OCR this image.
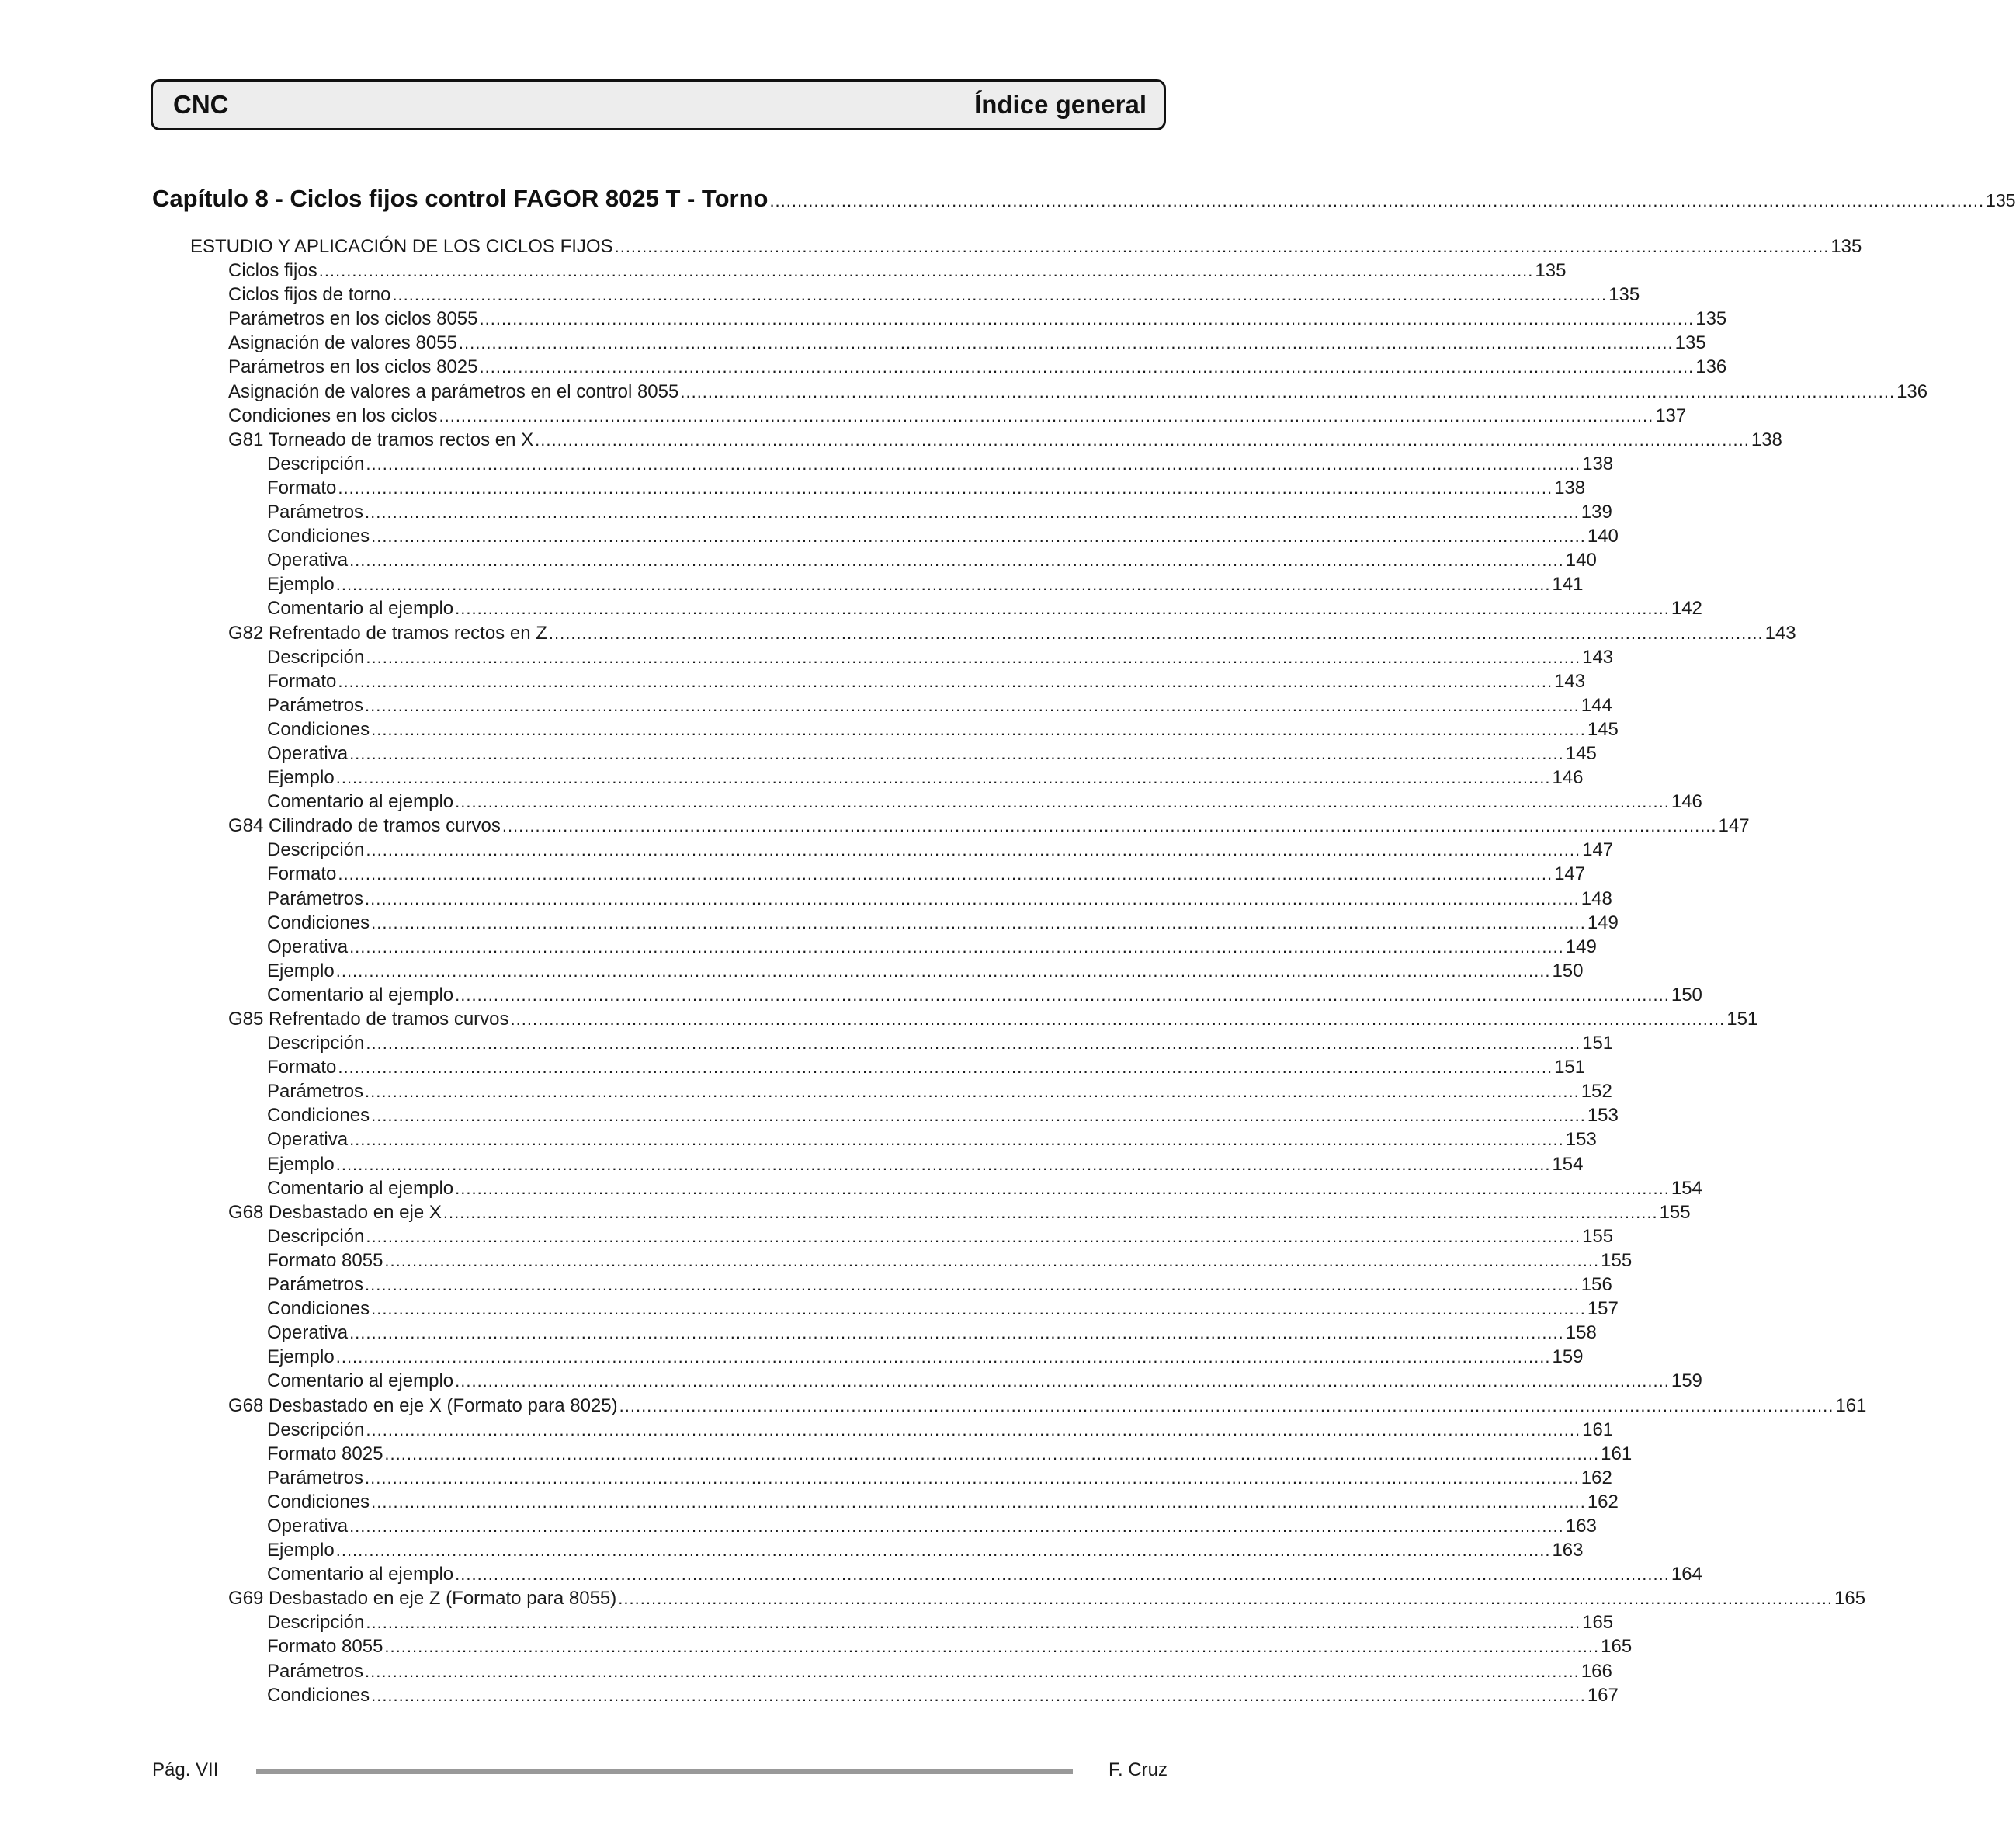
CNC	Índice general
Capítulo 8 - Ciclos fijos control FAGOR 8025 T - Torno ............................................................................................................................................................................................................................ 135
ESTUDIO Y APLICACIÓN DE LOS CICLOS FIJOS ............................................................................................................................................................................................................................ 135
Ciclos fijos ............................................................................................................................................................................................................................ 135
Ciclos fijos de torno ............................................................................................................................................................................................................................ 135
Parámetros en los ciclos 8055 ............................................................................................................................................................................................................................ 135
Asignación de valores 8055 ............................................................................................................................................................................................................................ 135
Parámetros en los ciclos 8025 ............................................................................................................................................................................................................................ 136
Asignación de valores a parámetros en el control 8055 ............................................................................................................................................................................................................................ 136
Condiciones en los ciclos ............................................................................................................................................................................................................................ 137
G81 Torneado de tramos rectos en X ............................................................................................................................................................................................................................ 138
Descripción ............................................................................................................................................................................................................................ 138
Formato ............................................................................................................................................................................................................................ 138
Parámetros ............................................................................................................................................................................................................................ 139
Condiciones ............................................................................................................................................................................................................................ 140
Operativa ............................................................................................................................................................................................................................ 140
Ejemplo ............................................................................................................................................................................................................................ 141
Comentario al ejemplo ............................................................................................................................................................................................................................ 142
G82 Refrentado de tramos rectos en Z ............................................................................................................................................................................................................................ 143
Descripción ............................................................................................................................................................................................................................ 143
Formato ............................................................................................................................................................................................................................ 143
Parámetros ............................................................................................................................................................................................................................ 144
Condiciones ............................................................................................................................................................................................................................ 145
Operativa ............................................................................................................................................................................................................................ 145
Ejemplo ............................................................................................................................................................................................................................ 146
Comentario al ejemplo ............................................................................................................................................................................................................................ 146
G84 Cilindrado de tramos curvos ............................................................................................................................................................................................................................ 147
Descripción ............................................................................................................................................................................................................................ 147
Formato ............................................................................................................................................................................................................................ 147
Parámetros ............................................................................................................................................................................................................................ 148
Condiciones ............................................................................................................................................................................................................................ 149
Operativa ............................................................................................................................................................................................................................ 149
Ejemplo ............................................................................................................................................................................................................................ 150
Comentario al ejemplo ............................................................................................................................................................................................................................ 150
G85 Refrentado de tramos curvos ............................................................................................................................................................................................................................ 151
Descripción ............................................................................................................................................................................................................................ 151
Formato ............................................................................................................................................................................................................................ 151
Parámetros ............................................................................................................................................................................................................................ 152
Condiciones ............................................................................................................................................................................................................................ 153
Operativa ............................................................................................................................................................................................................................ 153
Ejemplo ............................................................................................................................................................................................................................ 154
Comentario al ejemplo ............................................................................................................................................................................................................................ 154
G68 Desbastado en eje X ............................................................................................................................................................................................................................ 155
Descripción ............................................................................................................................................................................................................................ 155
Formato 8055 ............................................................................................................................................................................................................................ 155
Parámetros ............................................................................................................................................................................................................................ 156
Condiciones ............................................................................................................................................................................................................................ 157
Operativa ............................................................................................................................................................................................................................ 158
Ejemplo ............................................................................................................................................................................................................................ 159
Comentario al ejemplo ............................................................................................................................................................................................................................ 159
G68 Desbastado en eje X (Formato para 8025) ............................................................................................................................................................................................................................ 161
Descripción ............................................................................................................................................................................................................................ 161
Formato 8025 ............................................................................................................................................................................................................................ 161
Parámetros ............................................................................................................................................................................................................................ 162
Condiciones ............................................................................................................................................................................................................................ 162
Operativa ............................................................................................................................................................................................................................ 163
Ejemplo ............................................................................................................................................................................................................................ 163
Comentario al ejemplo ............................................................................................................................................................................................................................ 164
G69 Desbastado en eje Z (Formato para 8055) ............................................................................................................................................................................................................................ 165
Descripción ............................................................................................................................................................................................................................ 165
Formato 8055 ............................................................................................................................................................................................................................ 165
Parámetros ............................................................................................................................................................................................................................ 166
Condiciones ............................................................................................................................................................................................................................ 167
Pág. VII	F. Cruz
